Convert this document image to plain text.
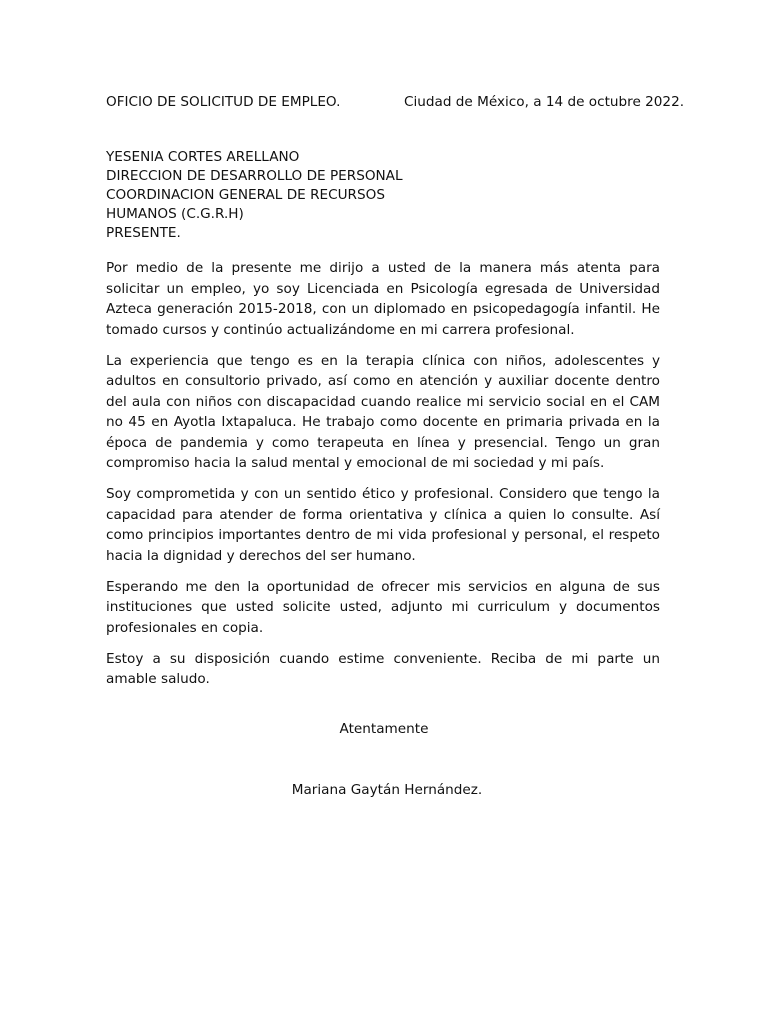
OFICIO DE SOLICITUD DE EMPLEO.	Ciudad de México, a 14 de octubre 2022.
YESENIA CORTES ARELLANO
DIRECCION DE DESARROLLO DE PERSONAL
COORDINACION GENERAL DE RECURSOS
HUMANOS (C.G.R.H)
PRESENTE.

Por medio de la presente me dirijo a usted de la manera más atenta para solicitar un empleo, yo soy Licenciada en Psicología egresada de Universidad Azteca generación 2015-2018, con un diplomado en psicopedagogía infantil. He tomado cursos y continúo actualizándome en mi carrera profesional.

La experiencia que tengo es en la terapia clínica con niños, adolescentes y adultos en consultorio privado, así como en atención y auxiliar docente dentro del aula con niños con discapacidad cuando realice mi servicio social en el CAM no 45 en Ayotla Ixtapaluca. He trabajo como docente en primaria privada en la época de pandemia y como terapeuta en línea y presencial. Tengo un gran compromiso hacia la salud mental y emocional de mi sociedad y mi país.

Soy comprometida y con un sentido ético y profesional. Considero que tengo la capacidad para atender de forma orientativa y clínica a quien lo consulte. Así como principios importantes dentro de mi vida profesional y personal, el respeto hacia la dignidad y derechos del ser humano.

Esperando me den la oportunidad de ofrecer mis servicios en alguna de sus instituciones que usted solicite usted, adjunto mi curriculum y documentos profesionales en copia.

Estoy a su disposición cuando estime conveniente. Reciba de mi parte un amable saludo.

Atentamente
Mariana Gaytán Hernández.
